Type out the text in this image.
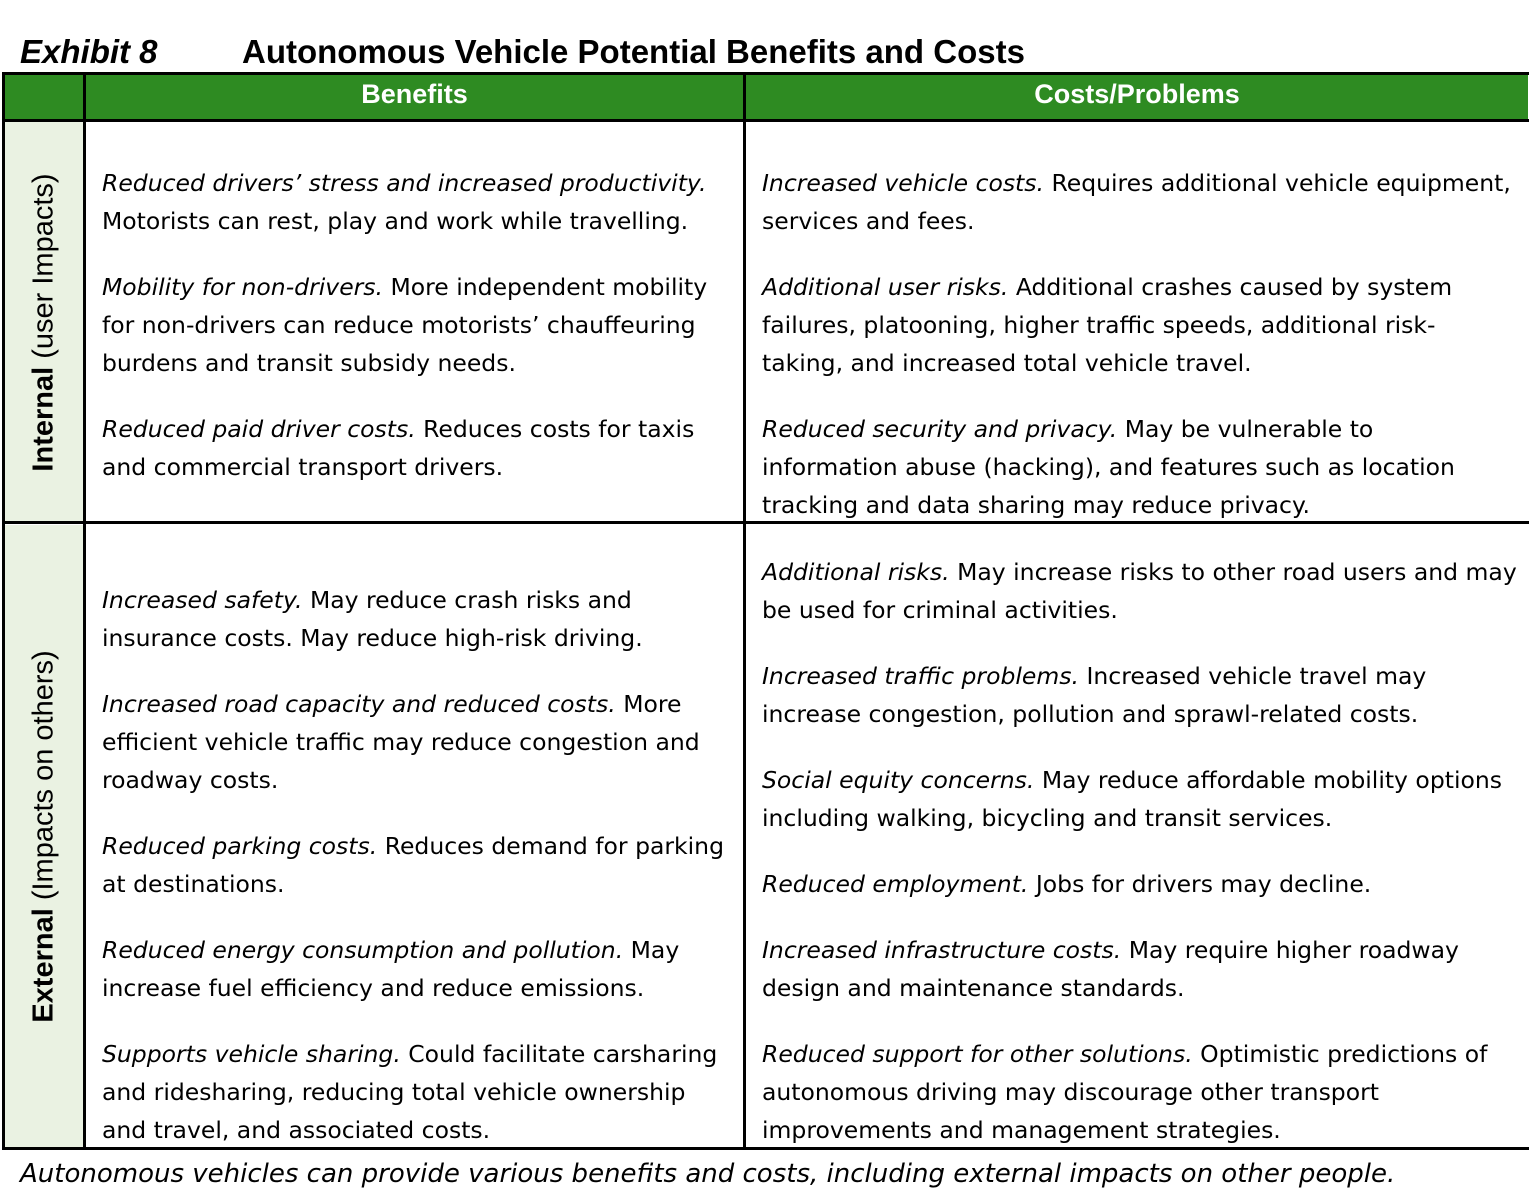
Exhibit 8	Autonomous Vehicle Potential Benefits and Costs
Benefits	Costs/Problems
Internal (user Impacts)
External (Impacts on others)

Reduced drivers’ stress and increased productivity. Motorists can rest, play and work while travelling.

Mobility for non-drivers. More independent mobility for non-drivers can reduce motorists’ chauffeuring burdens and transit subsidy needs.

Reduced paid driver costs. Reduces costs for taxis and commercial transport drivers.

Increased vehicle costs. Requires additional vehicle equipment, services and fees.

Additional user risks. Additional crashes caused by system failures, platooning, higher traffic speeds, additional risk-taking, and increased total vehicle travel.

Reduced security and privacy. May be vulnerable to information abuse (hacking), and features such as location tracking and data sharing may reduce privacy.

Increased safety. May reduce crash risks and insurance costs. May reduce high-risk driving.

Increased road capacity and reduced costs. More efficient vehicle traffic may reduce congestion and roadway costs.

Reduced parking costs. Reduces demand for parking at destinations.

Reduced energy consumption and pollution. May increase fuel efficiency and reduce emissions.

Supports vehicle sharing. Could facilitate carsharing and ridesharing, reducing total vehicle ownership and travel, and associated costs.

Additional risks. May increase risks to other road users and may be used for criminal activities.

Increased traffic problems. Increased vehicle travel may increase congestion, pollution and sprawl-related costs.

Social equity concerns. May reduce affordable mobility options including walking, bicycling and transit services.

Reduced employment. Jobs for drivers may decline.

Increased infrastructure costs. May require higher roadway design and maintenance standards.

Reduced support for other solutions. Optimistic predictions of autonomous driving may discourage other transport improvements and management strategies.

Autonomous vehicles can provide various benefits and costs, including external impacts on other people.
